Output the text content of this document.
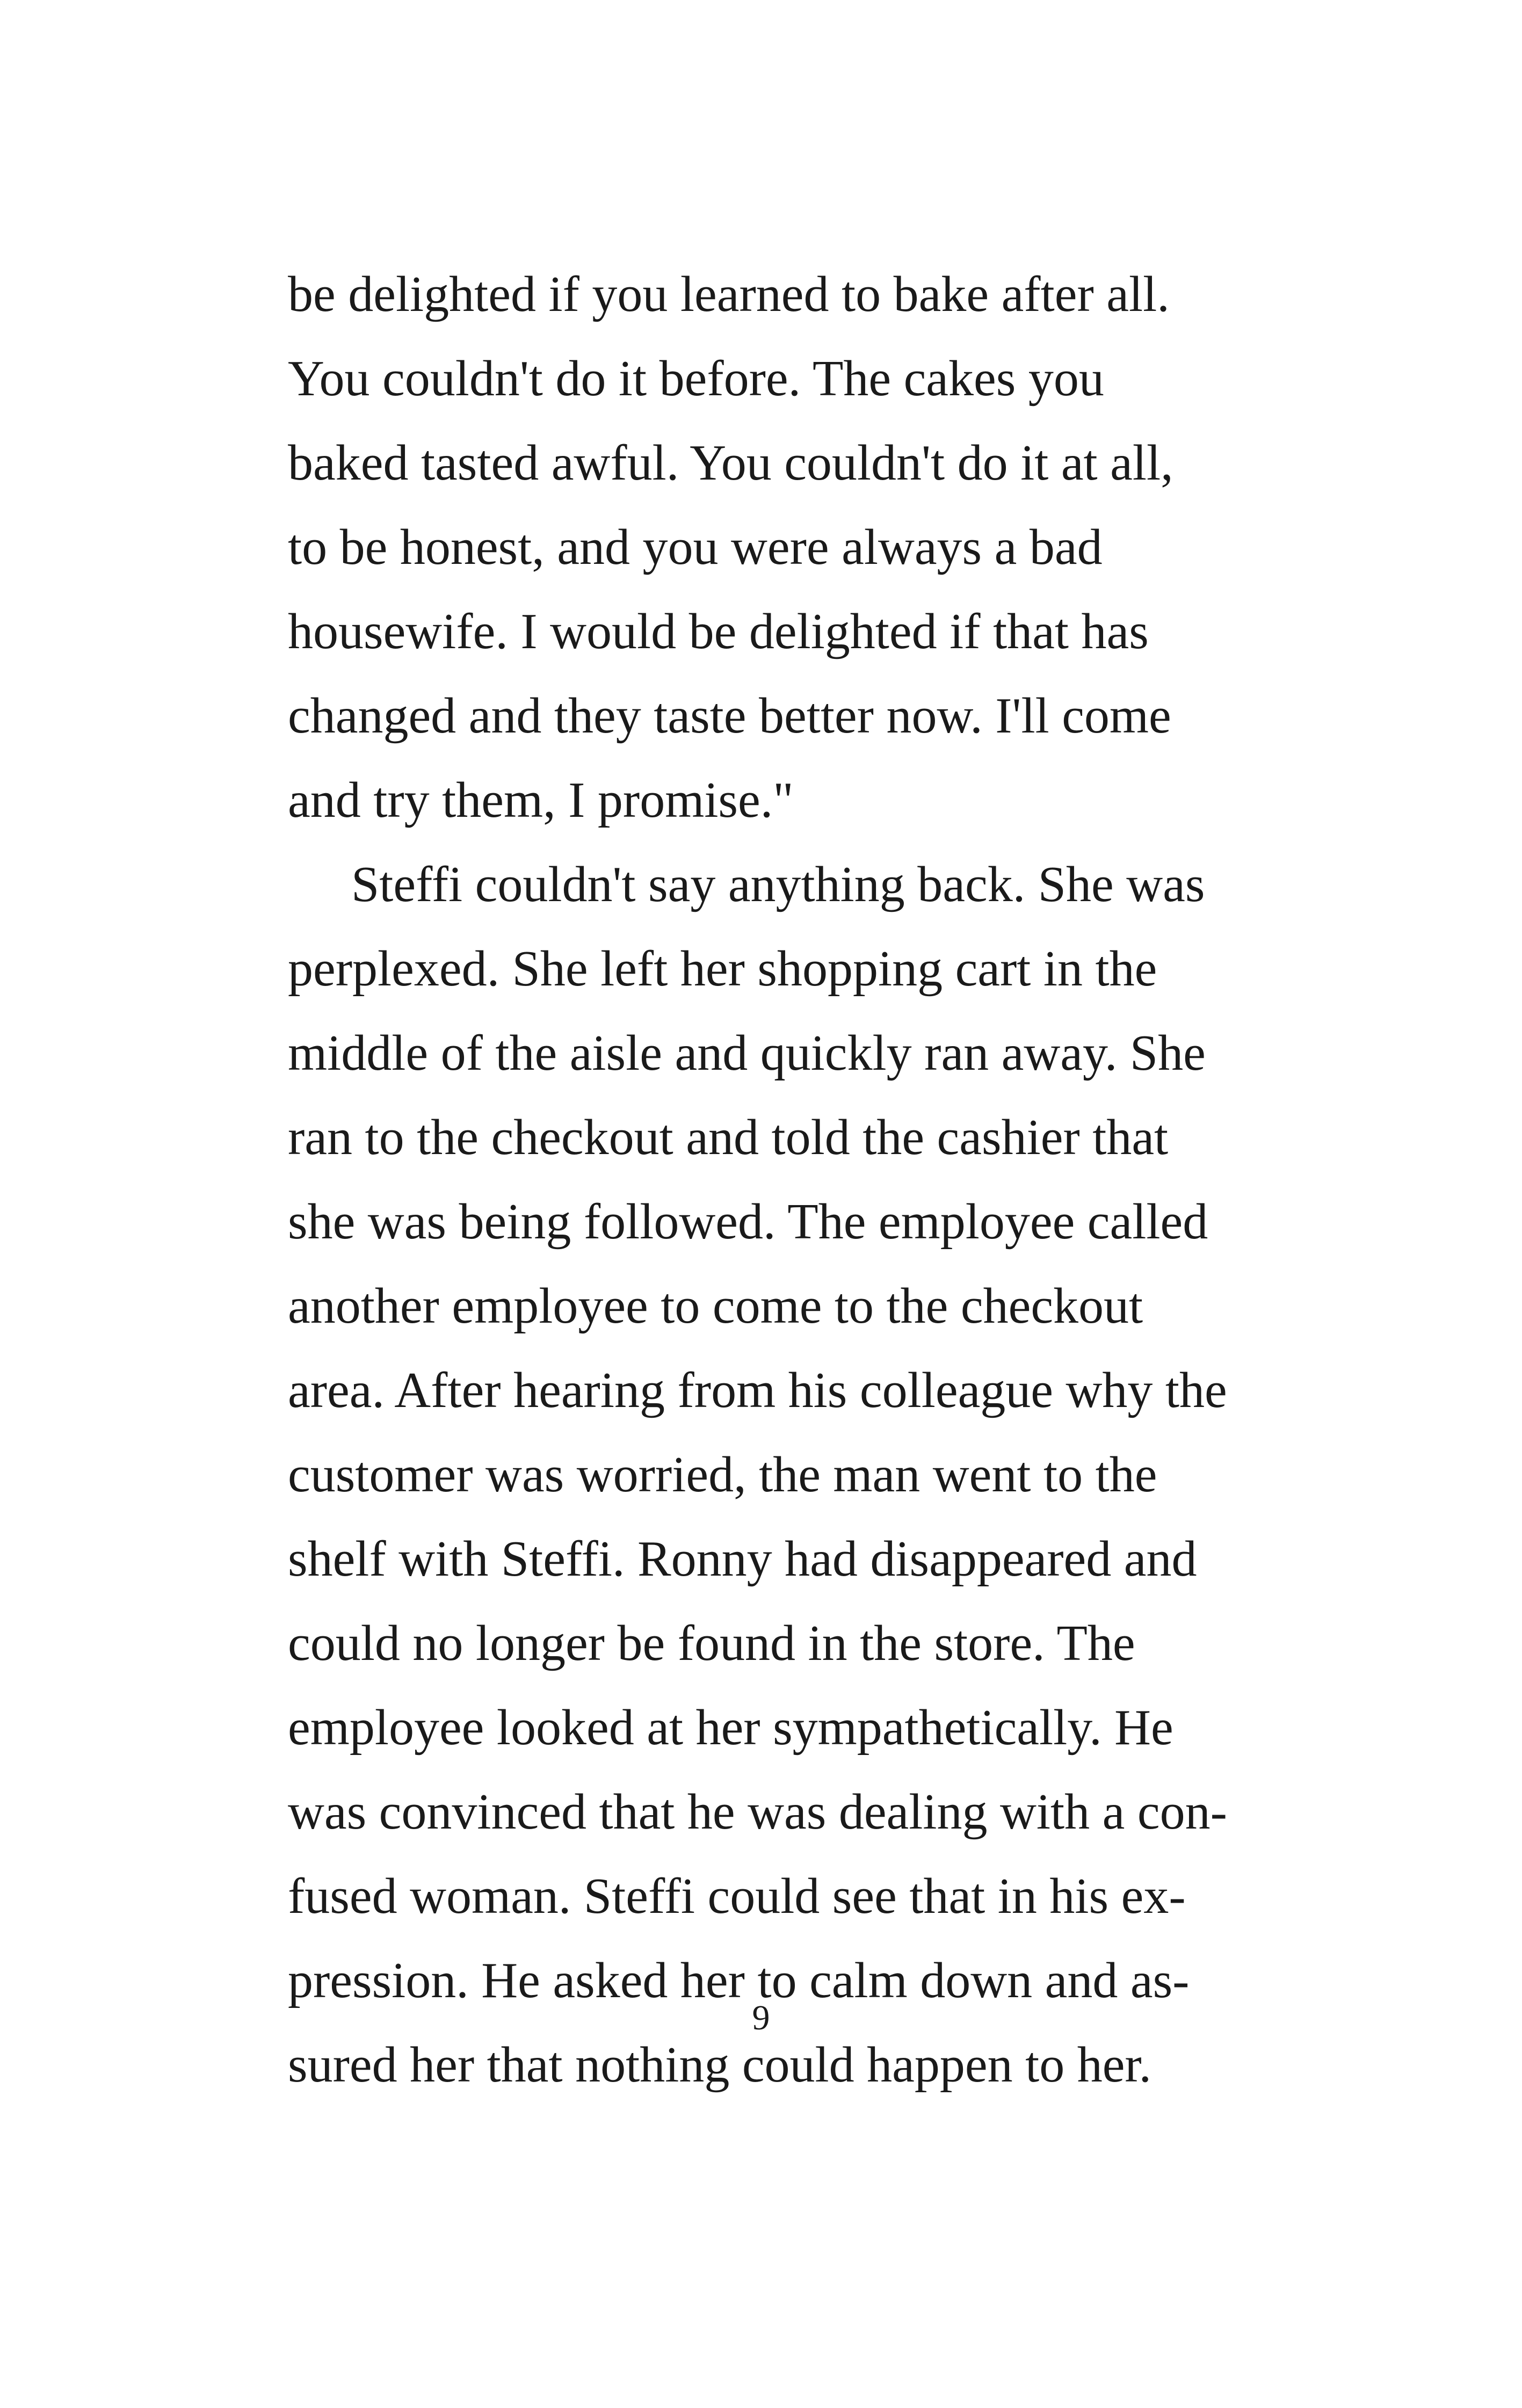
be delighted if you learned to bake after all.
You couldn't do it before. The cakes you
baked tasted awful. You couldn't do it at all,
to be honest, and you were always a bad
housewife. I would be delighted if that has
changed and they taste better now. I'll come
and try them, I promise."
Steffi couldn't say anything back. She was
perplexed. She left her shopping cart in the
middle of the aisle and quickly ran away. She
ran to the checkout and told the cashier that
she was being followed. The employee called
another employee to come to the checkout
area. After hearing from his colleague why the
customer was worried, the man went to the
shelf with Steffi. Ronny had disappeared and
could no longer be found in the store. The
employee looked at her sympathetically. He
was convinced that he was dealing with a con-
fused woman. Steffi could see that in his ex-
pression. He asked her to calm down and as-
sured her that nothing could happen to her.
9
